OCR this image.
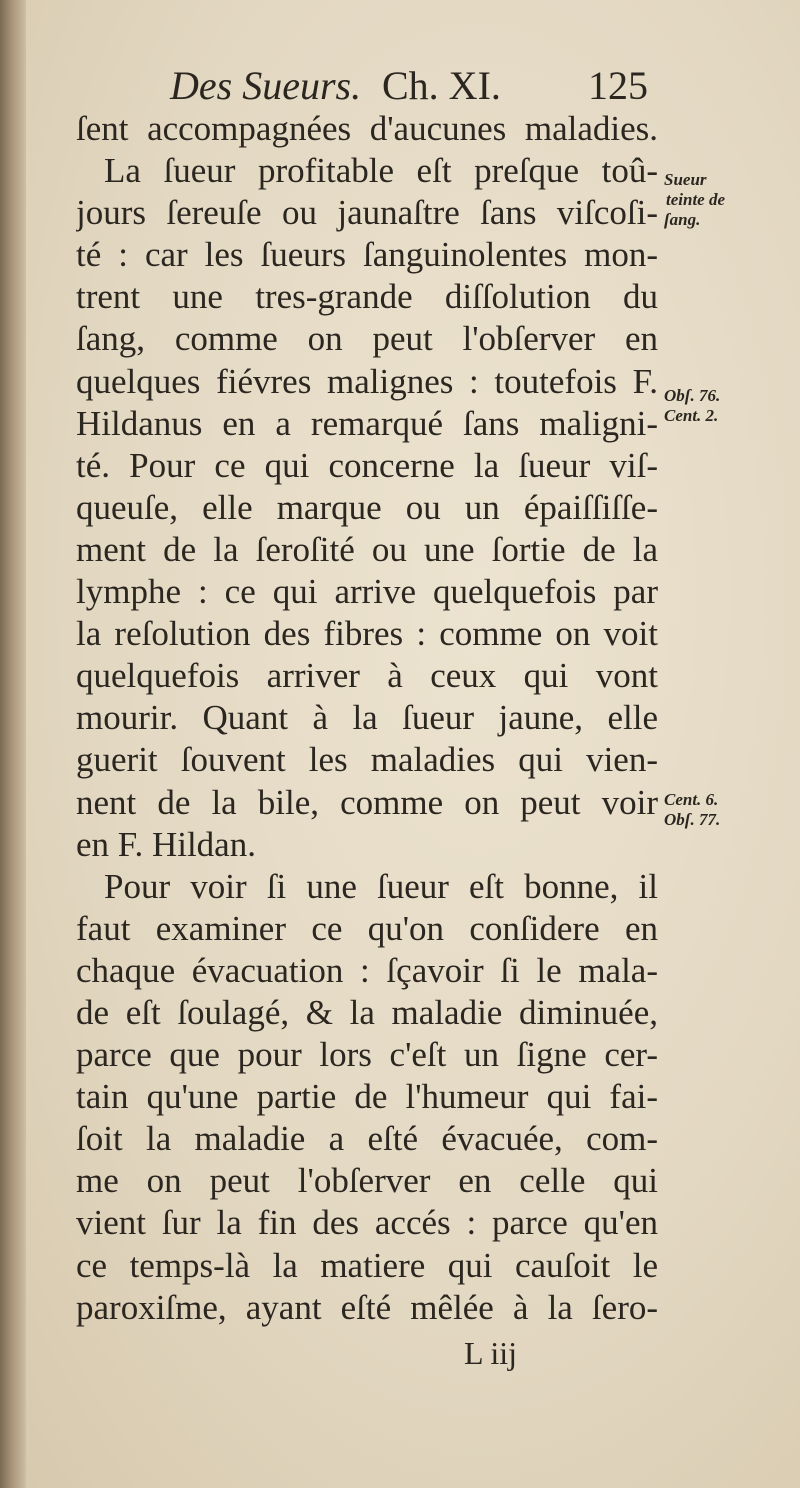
Des Sueurs. Ch. XI. 125
ſent accompagnées d'aucunes maladies.
La ſueur profitable eſt preſque toû-
jours ſereuſe ou jaunaſtre ſans viſcoſi-
té : car les ſueurs ſanguinolentes mon-
trent une tres-grande diſſolution du
ſang, comme on peut l'obſerver en
quelques fiévres malignes : toutefois F.
Hildanus en a remarqué ſans maligni-
té. Pour ce qui concerne la ſueur viſ-
queuſe, elle marque ou un épaiſſiſſe-
ment de la ſeroſité ou une ſortie de la
lymphe : ce qui arrive quelquefois par
la reſolution des fibres : comme on voit
quelquefois arriver à ceux qui vont
mourir. Quant à la ſueur jaune, elle
guerit ſouvent les maladies qui vien-
nent de la bile, comme on peut voir
en F. Hildan.
Pour voir ſi une ſueur eſt bonne, il
faut examiner ce qu'on conſidere en
chaque évacuation : ſçavoir ſi le mala-
de eſt ſoulagé, & la maladie diminuée,
parce que pour lors c'eſt un ſigne cer-
tain qu'une partie de l'humeur qui fai-
ſoit la maladie a eſté évacuée, com-
me on peut l'obſerver en celle qui
vient ſur la fin des accés : parce qu'en
ce temps-là la matiere qui cauſoit le
paroxiſme, ayant eſté mêlée à la ſero-
Sueur
teinte de
ſang.
Obſ. 76.
Cent. 2.
Cent. 6.
Obſ. 77.
L iij
